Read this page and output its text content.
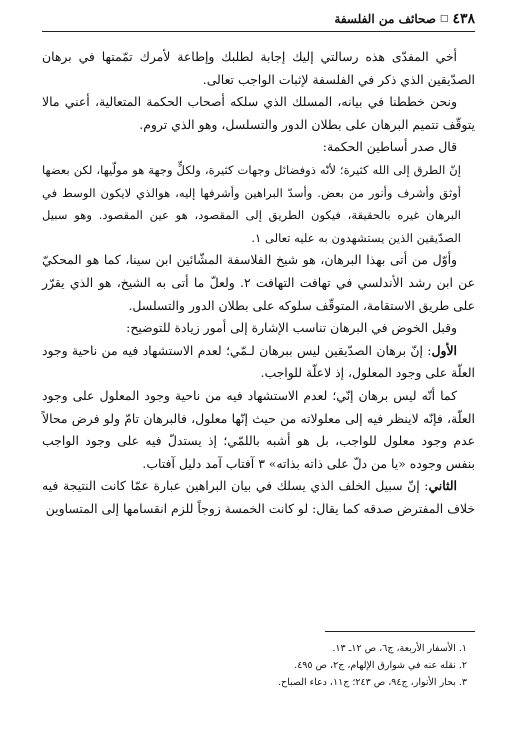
٤٣٨
□
صحائف من الفلسفة

أخي المفدّى هذه رسالتي إليك إجابة لطلبك وإطاعة لأمرك تمّمتها في برهان الصدّيقين الذي ذكر في الفلسفة لإثبات الواجب تعالى.

ونحن خططنا في بيانه، المسلك الذي سلكه أصحاب الحكمة المتعالية، أعني مالا يتوقّف تتميم البرهان على بطلان الدور والتسلسل، وهو الذي تروم.

قال صدر أساطين الحكمة:

إنّ الطرق إلى الله كثيرة؛ لأنّه ذوفضائل وجهات كثيرة، ولكلٍّ وجهة هو مولّيها، لكن بعضها أوثق وأشرف وأنور من بعض. وأسدّ البراهين وأشرفها إليه، هوالذي لايكون الوسط في البرهان غيره بالحقيقة، فيكون الطريق إلى المقصود، هو عين المقصود. وهو سبيل الصدّيقين الذين يستشهدون به عليه تعالى ١.

وأوّل من أتى بهذا البرهان، هو شيخ الفلاسفة المشّائين ابن سينا، كما هو المحكيّ عن ابن رشد الأندلسي في تهافت التهافت ٢. ولعلّ ما أتى به الشيخ، هو الذي يقرّر على طريق الاستقامة، المتوقّف سلوكه على بطلان الدور والتسلسل.

وقبل الخوض في البرهان تناسب الإشارة إلى أمور زيادة للتوضيح:

الأول: إنّ برهان الصدّيقين ليس ببرهان لـمّي؛ لعدم الاستشهاد فيه من ناحية وجود العلّة على وجود المعلول، إذ لاعلّة للواجب.

كما أنّه ليس برهان إنّي؛ لعدم الاستشهاد فيه من ناحية وجود المعلول على وجود العلّة، فإنّه لاينظر فيه إلى معلولاته من حيث إنّها معلول، فالبرهان تامّ ولو فرض محالاً عدم وجود معلول للواجب، بل هو أشبه باللمّي؛ إذ يستدلّ فيه على وجود الواجب بنفس وجوده «يا من دلّ على ذاته بذاته» ٣ آفتاب آمد دليل آفتاب.

الثاني: إنّ سبيل الخلف الذي يسلك في بيان البراهين عبارة عمّا كانت النتيجة فيه خلاف المفترض صدقه كما يقال: لو كانت الخمسة زوجاً للزم انقسامها إلى المتساوين

١. الأسفار الأربعة، ج٦، ص ١٢ـ ١٣.
٢. نقله عنه في شوارق الإلهام، ج٢، ص ٤٩٥.
٣. بحار الأنوار، ج٩٤، ص ٢٤٣؛ ج١١، دعاء الصباح.
